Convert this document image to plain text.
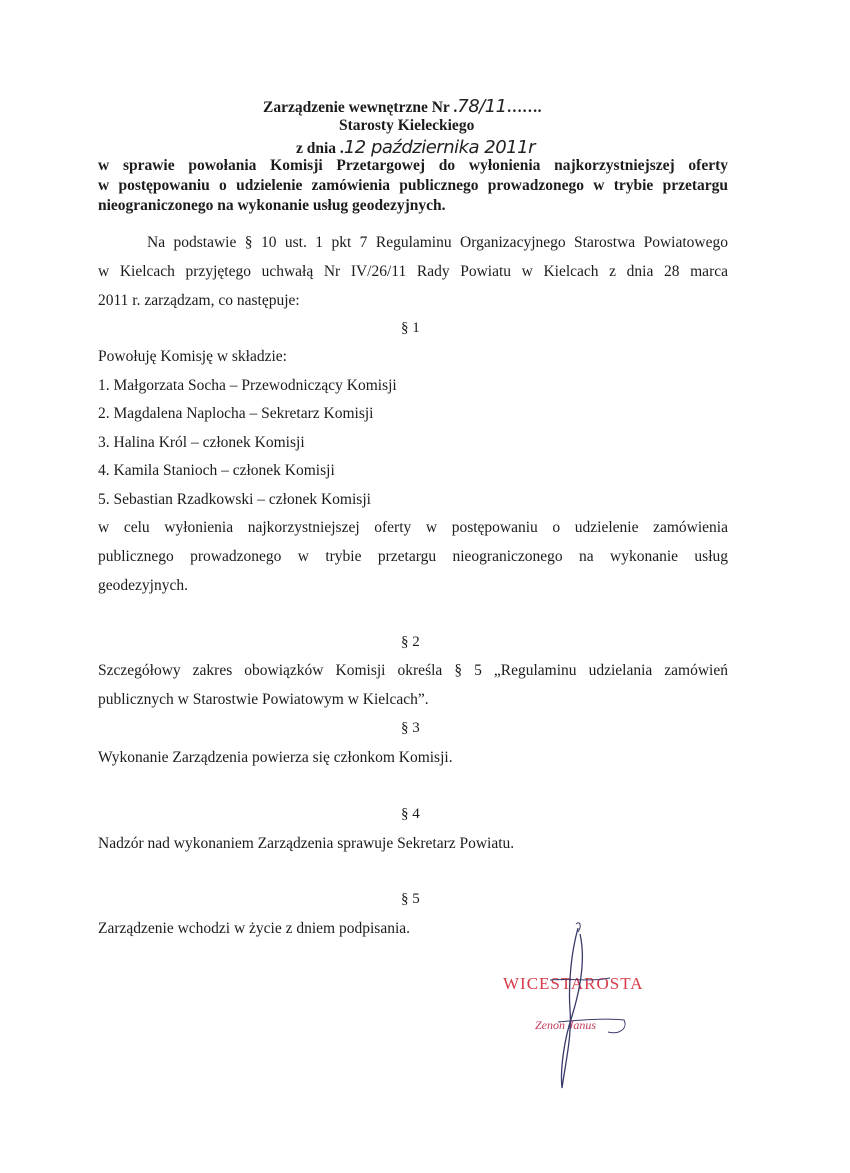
Zarządzenie wewnętrzne Nr .78/11…….
Starosty Kieleckiego
z dnia .12 października 2011r
w sprawie powołania Komisji Przetargowej do wyłonienia najkorzystniejszej oferty
w postępowaniu o udzielenie zamówienia publicznego prowadzonego w trybie przetargu
nieograniczonego na wykonanie usług geodezyjnych.
Na podstawie § 10 ust. 1 pkt 7 Regulaminu Organizacyjnego Starostwa Powiatowego
w Kielcach przyjętego uchwałą Nr IV/26/11 Rady Powiatu w Kielcach z dnia 28 marca
2011 r. zarządzam, co następuje:
§ 1
Powołuję Komisję w składzie:
1. Małgorzata Socha – Przewodniczący Komisji
2. Magdalena Naplocha – Sekretarz Komisji
3. Halina Król – członek Komisji
4. Kamila Stanioch – członek Komisji
5. Sebastian Rzadkowski – członek Komisji
w celu wyłonienia najkorzystniejszej oferty w postępowaniu o udzielenie zamówienia
publicznego prowadzonego w trybie przetargu nieograniczonego na wykonanie usług
geodezyjnych.
§ 2
Szczegółowy zakres obowiązków Komisji określa § 5 „Regulaminu udzielania zamówień
publicznych w Starostwie Powiatowym w Kielcach”.
§ 3
Wykonanie Zarządzenia powierza się członkom Komisji.
§ 4
Nadzór nad wykonaniem Zarządzenia sprawuje Sekretarz Powiatu.
§ 5
Zarządzenie wchodzi w życie z dniem podpisania.
WICESTAROSTA
Zenon Janus
